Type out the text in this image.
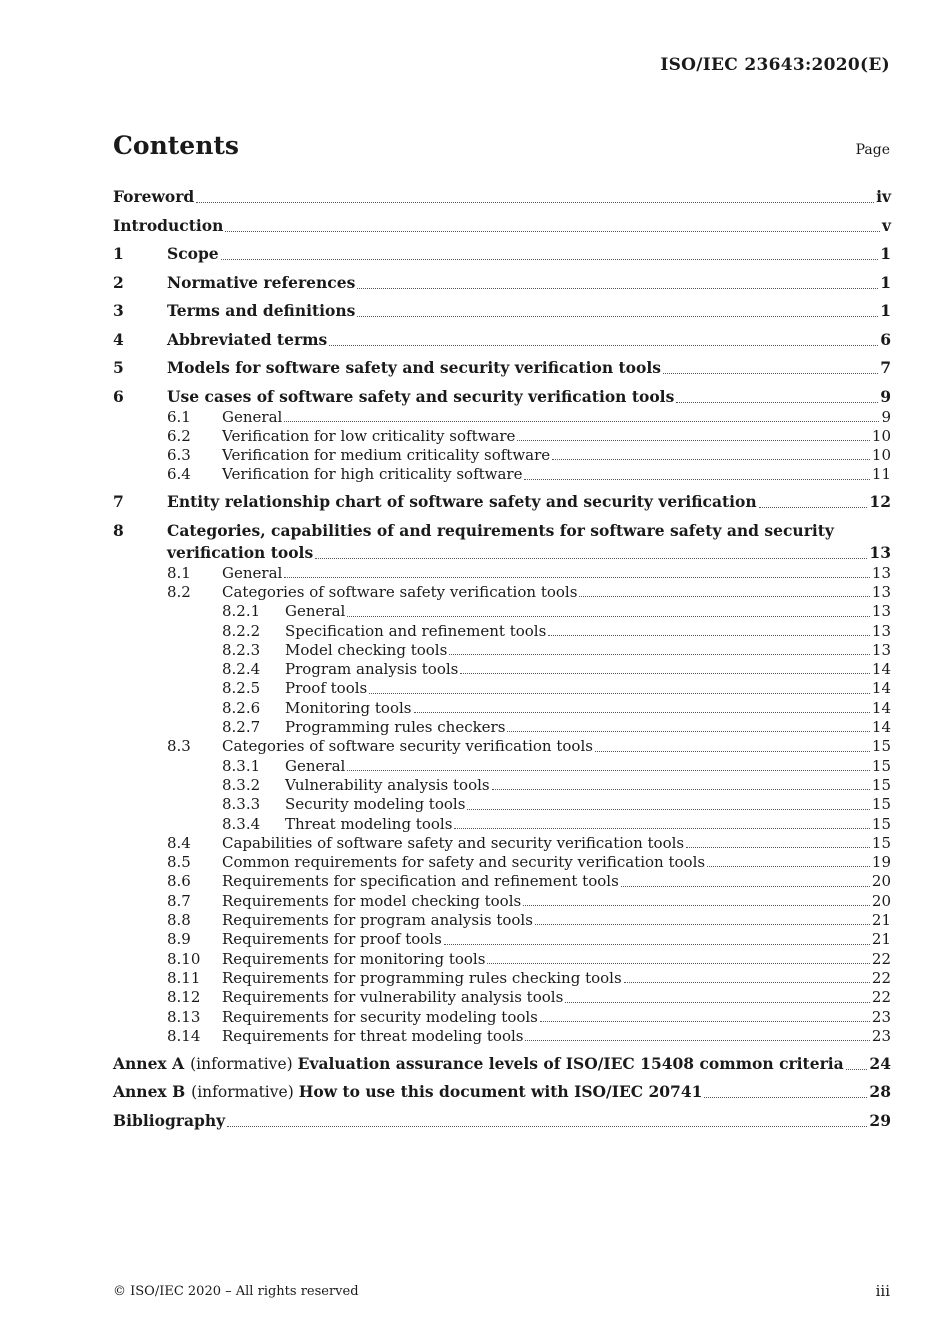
ISO/IEC 23643:2020(E)
Contents	Page
Foreword	iv
Introduction	v
1	Scope	1
2	Normative references	1
3	Terms and definitions	1
4	Abbreviated terms	6
5	Models for software safety and security verification tools	7
6	Use cases of software safety and security verification tools	9
6.1 General	9
6.2 Verification for low criticality software	10
6.3 Verification for medium criticality software	10
6.4 Verification for high criticality software	11
7	Entity relationship chart of software safety and security verification	12
8	Categories, capabilities of and requirements for software safety and security
verification tools	13
8.1 General	13
8.2 Categories of software safety verification tools	13
8.2.1 General	13
8.2.2 Specification and refinement tools	13
8.2.3 Model checking tools	13
8.2.4 Program analysis tools	14
8.2.5 Proof tools	14
8.2.6 Monitoring tools	14
8.2.7 Programming rules checkers	14
8.3 Categories of software security verification tools	15
8.3.1 General	15
8.3.2 Vulnerability analysis tools	15
8.3.3 Security modeling tools	15
8.3.4 Threat modeling tools	15
8.4 Capabilities of software safety and security verification tools	15
8.5 Common requirements for safety and security verification tools	19
8.6 Requirements for specification and refinement tools	20
8.7 Requirements for model checking tools	20
8.8 Requirements for program analysis tools	21
8.9 Requirements for proof tools	21
8.10 Requirements for monitoring tools	22
8.11 Requirements for programming rules checking tools	22
8.12 Requirements for vulnerability analysis tools	22
8.13 Requirements for security modeling tools	23
8.14 Requirements for threat modeling tools	23
Annex A (informative) Evaluation assurance levels of ISO/IEC 15408 common criteria 24
Annex B (informative) How to use this document with ISO/IEC 20741	28
Bibliography	29
© ISO/IEC 2020 – All rights reserved	iii
